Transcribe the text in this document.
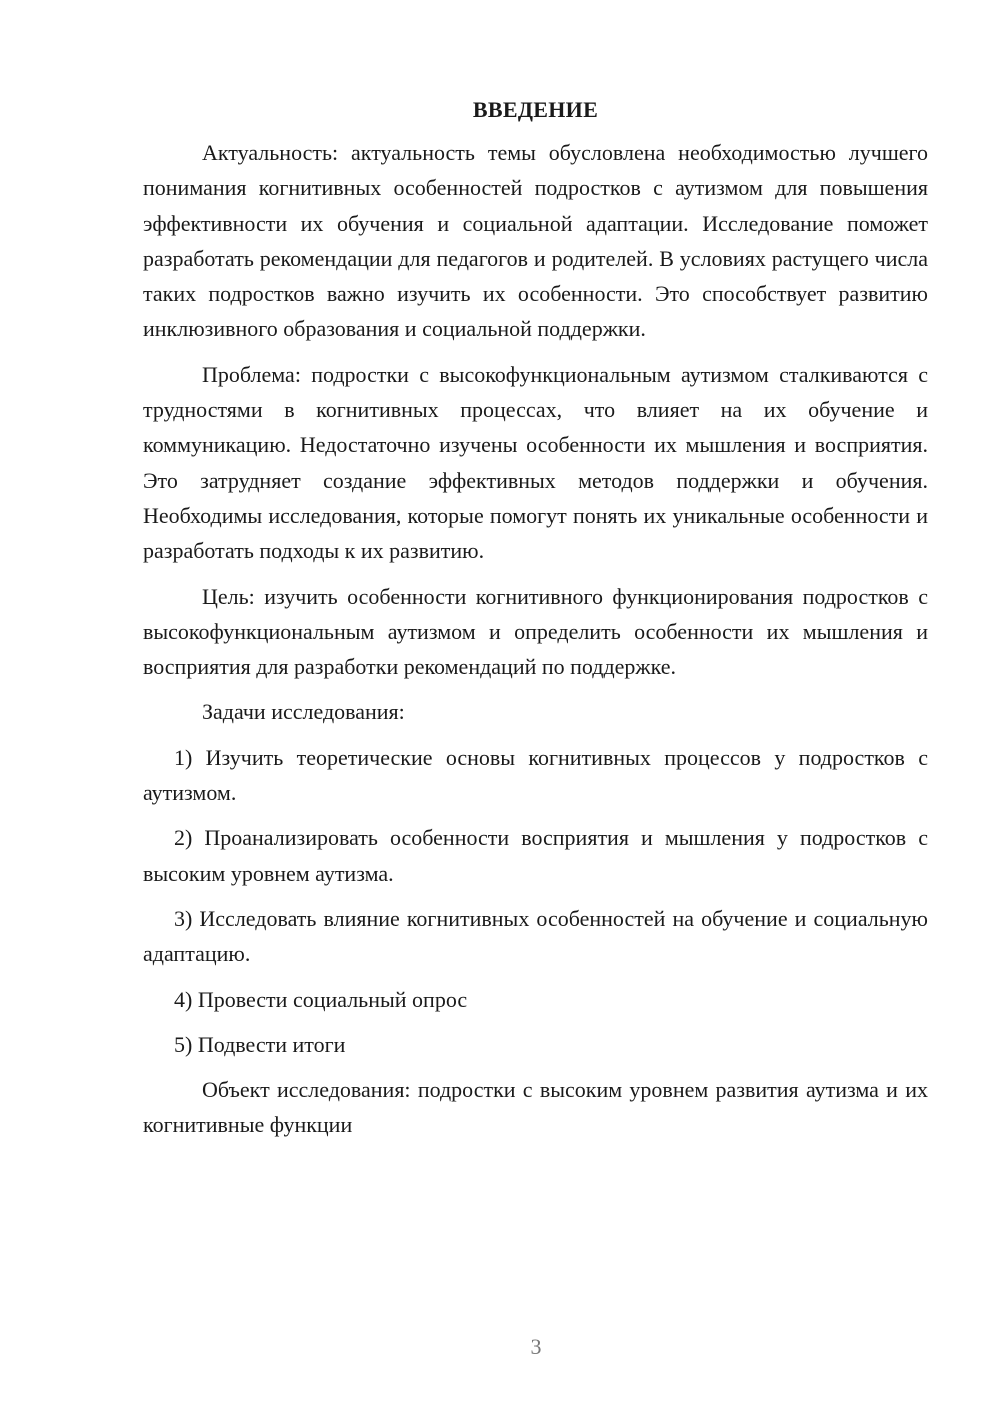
ВВЕДЕНИЕ

Актуальность: актуальность темы обусловлена необходимостью лучшего понимания когнитивных особенностей подростков с аутизмом для повышения эффективности их обучения и социальной адаптации. Исследование поможет разработать рекомендации для педагогов и родителей. В условиях растущего числа таких подростков важно изучить их особенности. Это способствует развитию инклюзивного образования и социальной поддержки.

Проблема: подростки с высокофункциональным аутизмом сталкиваются с трудностями в когнитивных процессах, что влияет на их обучение и коммуникацию. Недостаточно изучены особенности их мышления и восприятия. Это затрудняет создание эффективных методов поддержки и обучения. Необходимы исследования, которые помогут понять их уникальные особенности и разработать подходы к их развитию.

Цель: изучить особенности когнитивного функционирования подростков с высокофункциональным аутизмом и определить особенности их мышления и восприятия для разработки рекомендаций по поддержке.

Задачи исследования:

1) Изучить теоретические основы когнитивных процессов у подростков с аутизмом.

2) Проанализировать особенности восприятия и мышления у подростков с высоким уровнем аутизма.

3) Исследовать влияние когнитивных особенностей на обучение и социальную адаптацию.

4) Провести социальный опрос

5) Подвести итоги

Объект исследования: подростки с высоким уровнем развития аутизма и их когнитивные функции

3
